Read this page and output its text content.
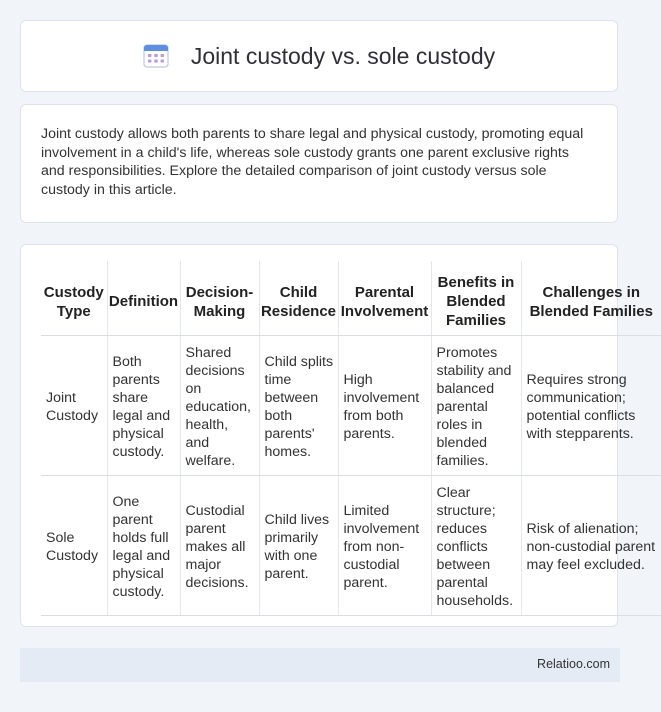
Joint custody vs. sole custody

Joint custody allows both parents to share legal and physical custody, promoting equal involvement in a child's life, whereas sole custody grants one parent exclusive rights and responsibilities. Explore the detailed comparison of joint custody versus sole custody in this article.

Custody Type	Definition	Decision-Making	Child Residence	Parental Involvement	Benefits in Blended Families	Challenges in Blended Families
Joint Custody	Both parents share legal and physical custody.	Shared decisions on education, health, and welfare.	Child splits time between both parents' homes.	High involvement from both parents.	Promotes stability and balanced parental roles in blended families.	Requires strong communication; potential conflicts with stepparents.
Sole Custody	One parent holds full legal and physical custody.	Custodial parent makes all major decisions.	Child lives primarily with one parent.	Limited involvement from non-custodial parent.	Clear structure; reduces conflicts between parental households.	Risk of alienation; non-custodial parent may feel excluded.
Relatioo.com
